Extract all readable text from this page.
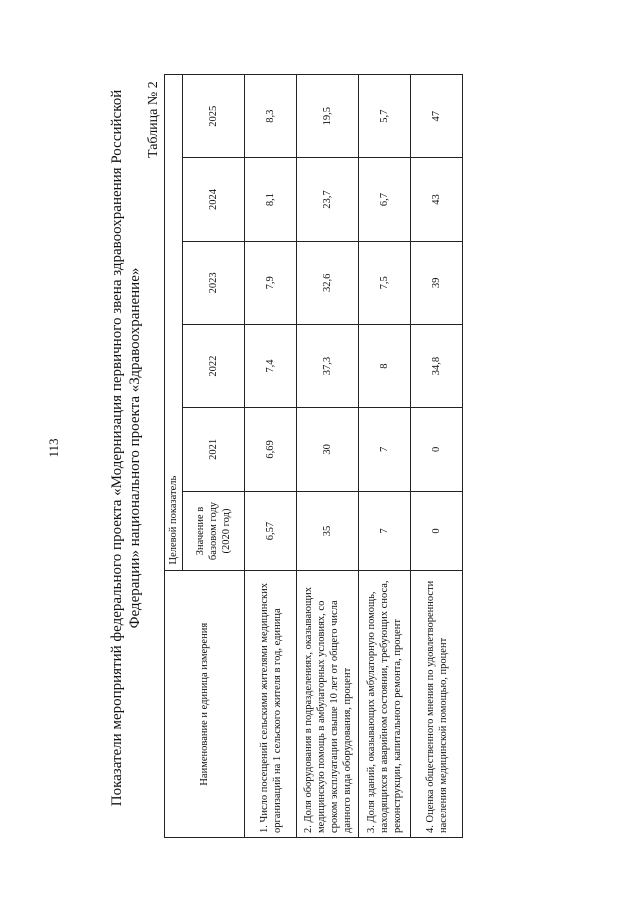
113	Показатели мероприятий федерального проекта «Модернизация первичного звена здравоохранения Российской Федерации» национального проекта «Здравоохранение»
Таблица № 2
Наименование и единица измерения	Целевой показатель					
	Значение в базовом году (2020 год)	2021	2022	2023	2024	2025
1. Число посещений сельскими жителями медицинских организаций на 1 сельского жителя в год, единица	6,57	6,69	7,4	7,9	8,1	8,3
2. Доля оборудования в подразделениях, оказывающих медицинскую помощь в амбулаторных условиях, со сроком эксплуатации свыше 10 лет от общего числа данного вида оборудования, процент	35	30	37,3	32,6	23,7	19,5
3. Доля зданий, оказывающих амбулаторную помощь, находящихся в аварийном состоянии, требующих сноса, реконструкции, капитального ремонта, процент	7	7	8	7,5	6,7	5,7
4. Оценка общественного мнения по удовлетворенности населения медицинской помощью, процент	0	0	34,8	39	43	47
